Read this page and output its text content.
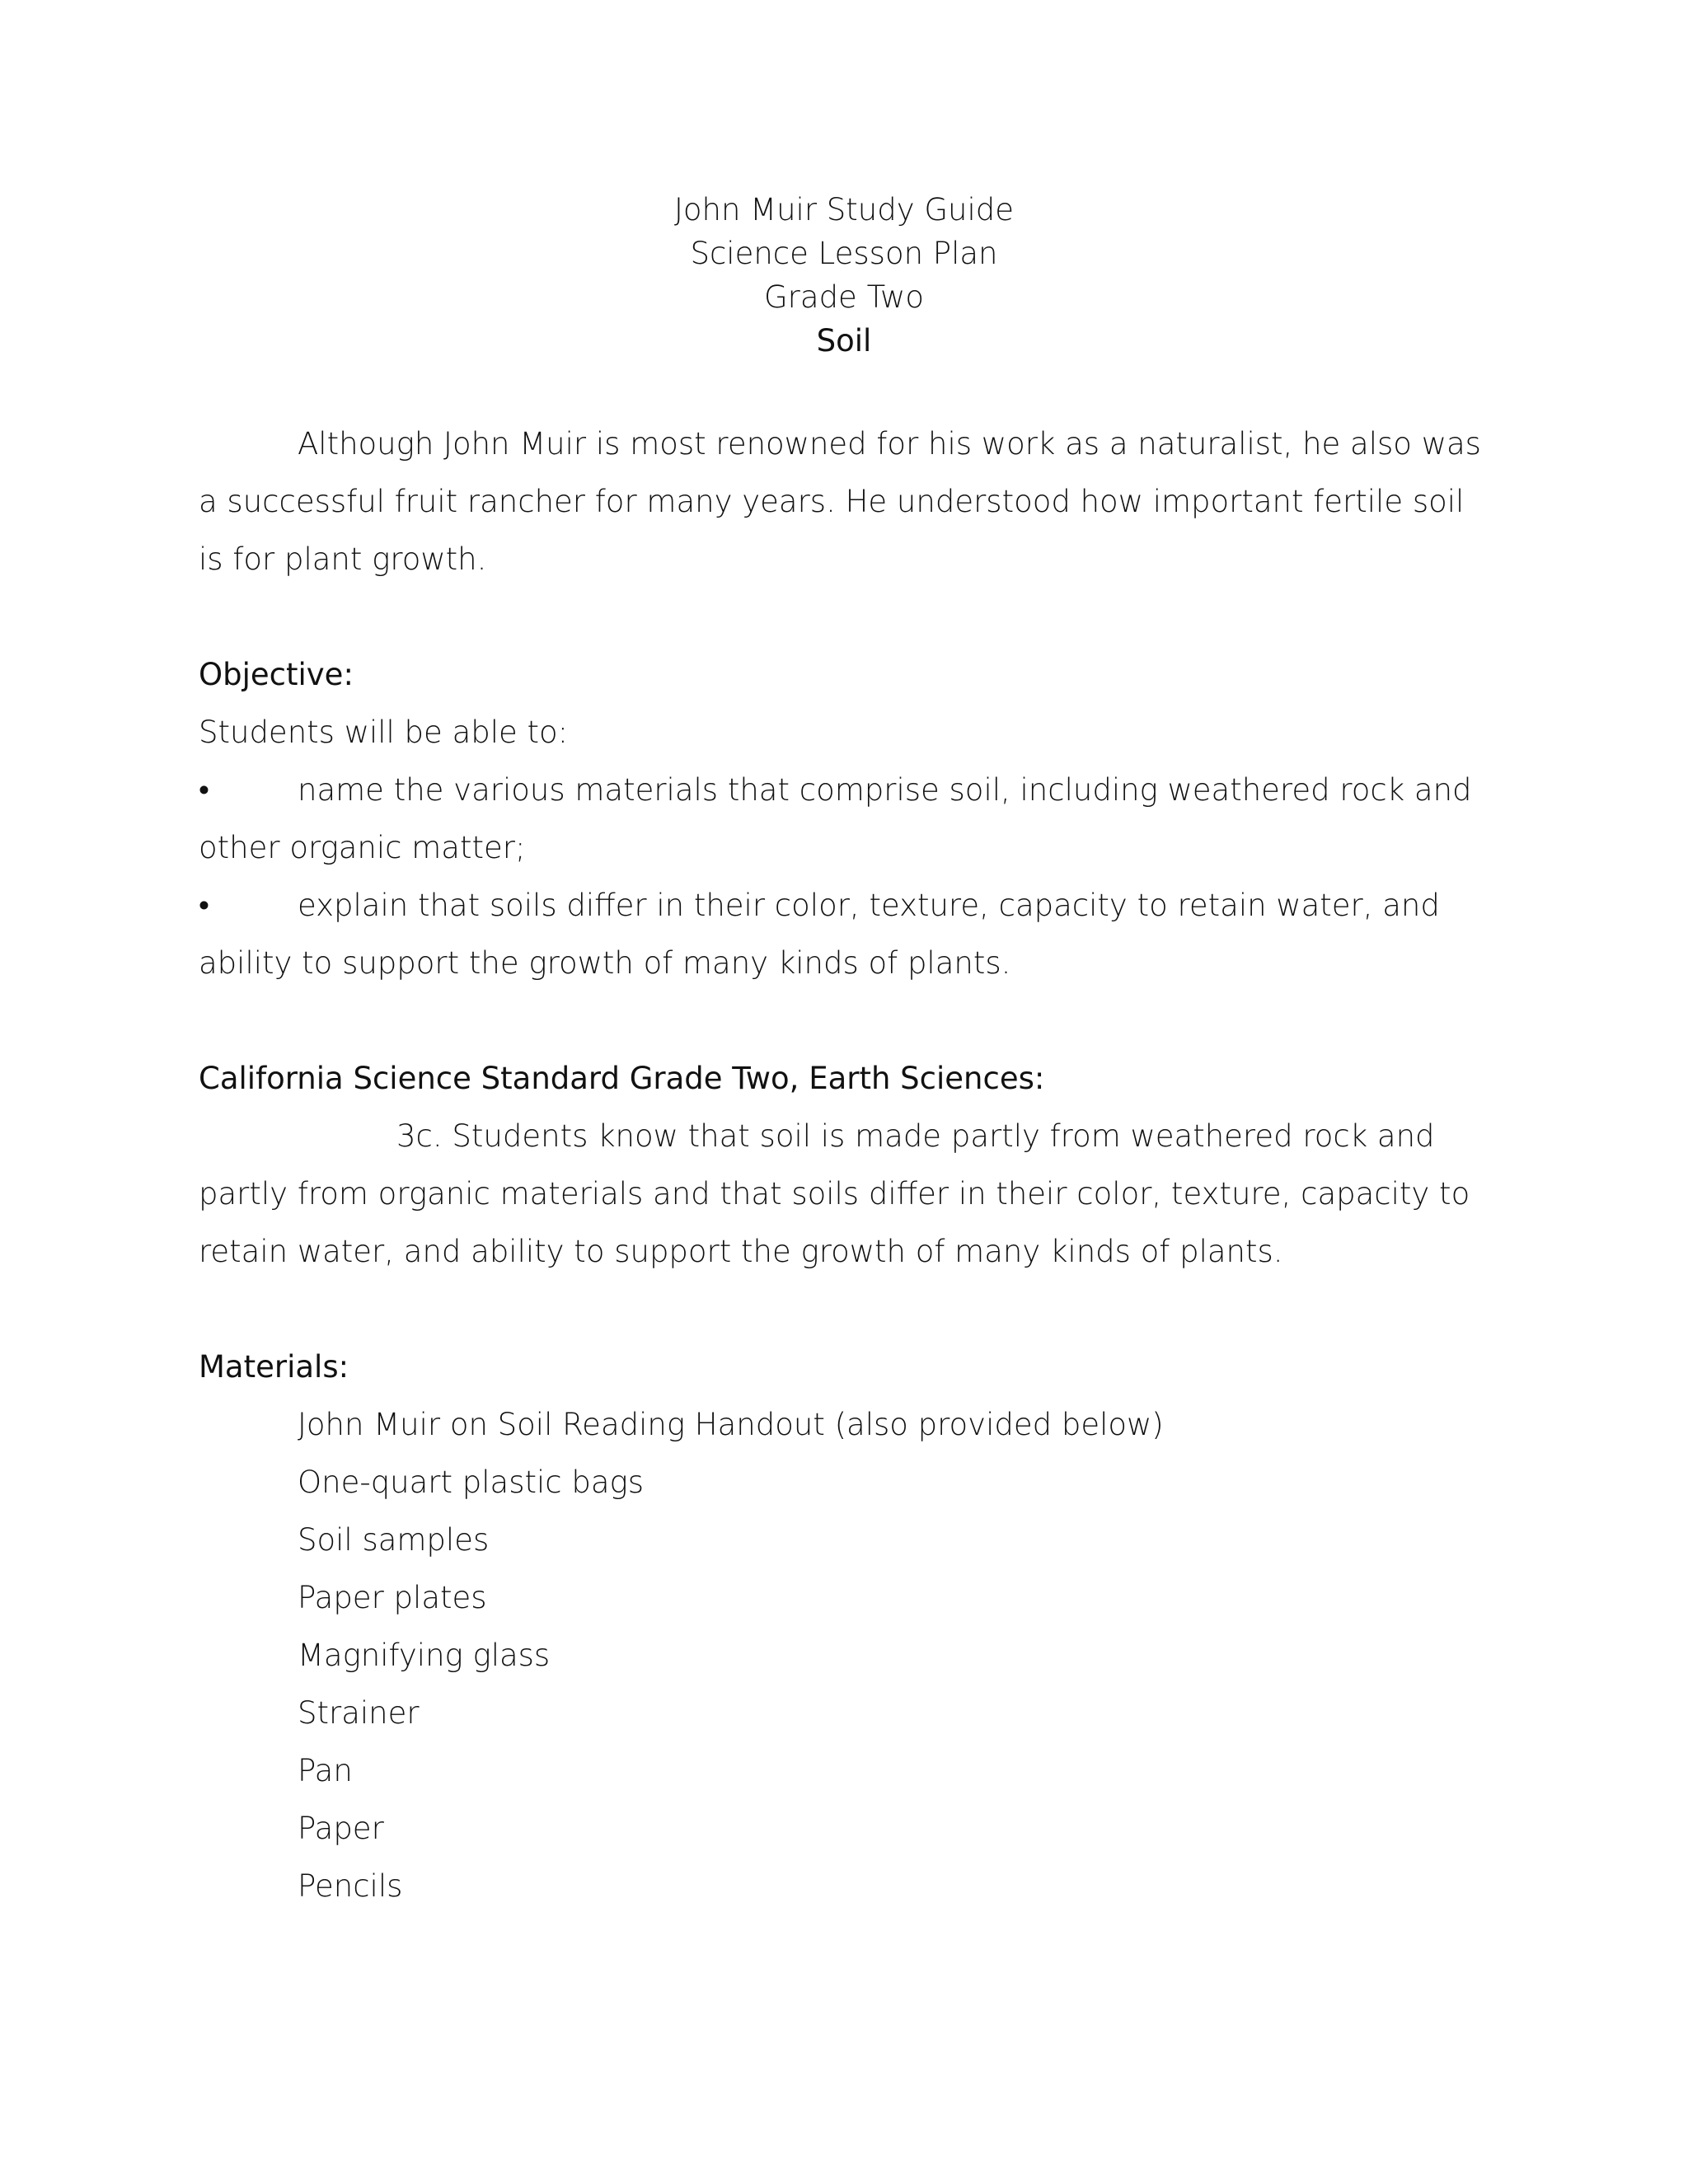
John Muir Study Guide
Science Lesson Plan
Grade Two
Soil

Although John Muir is most renowned for his work as a naturalist, he also was a successful fruit rancher for many years. He understood how important fertile soil is for plant growth.

Objective:

Students will be able to:

•	name the various materials that comprise soil, including weathered rock and other organic matter;

•	explain that soils differ in their color, texture, capacity to retain water, and ability to support the growth of many kinds of plants.

California Science Standard Grade Two, Earth Sciences:

3c. Students know that soil is made partly from weathered rock and partly from organic materials and that soils differ in their color, texture, capacity to retain water, and ability to support the growth of many kinds of plants.

Materials:

John Muir on Soil Reading Handout (also provided below)

One-quart plastic bags

Soil samples

Paper plates

Magnifying glass

Strainer

Pan

Paper

Pencils
